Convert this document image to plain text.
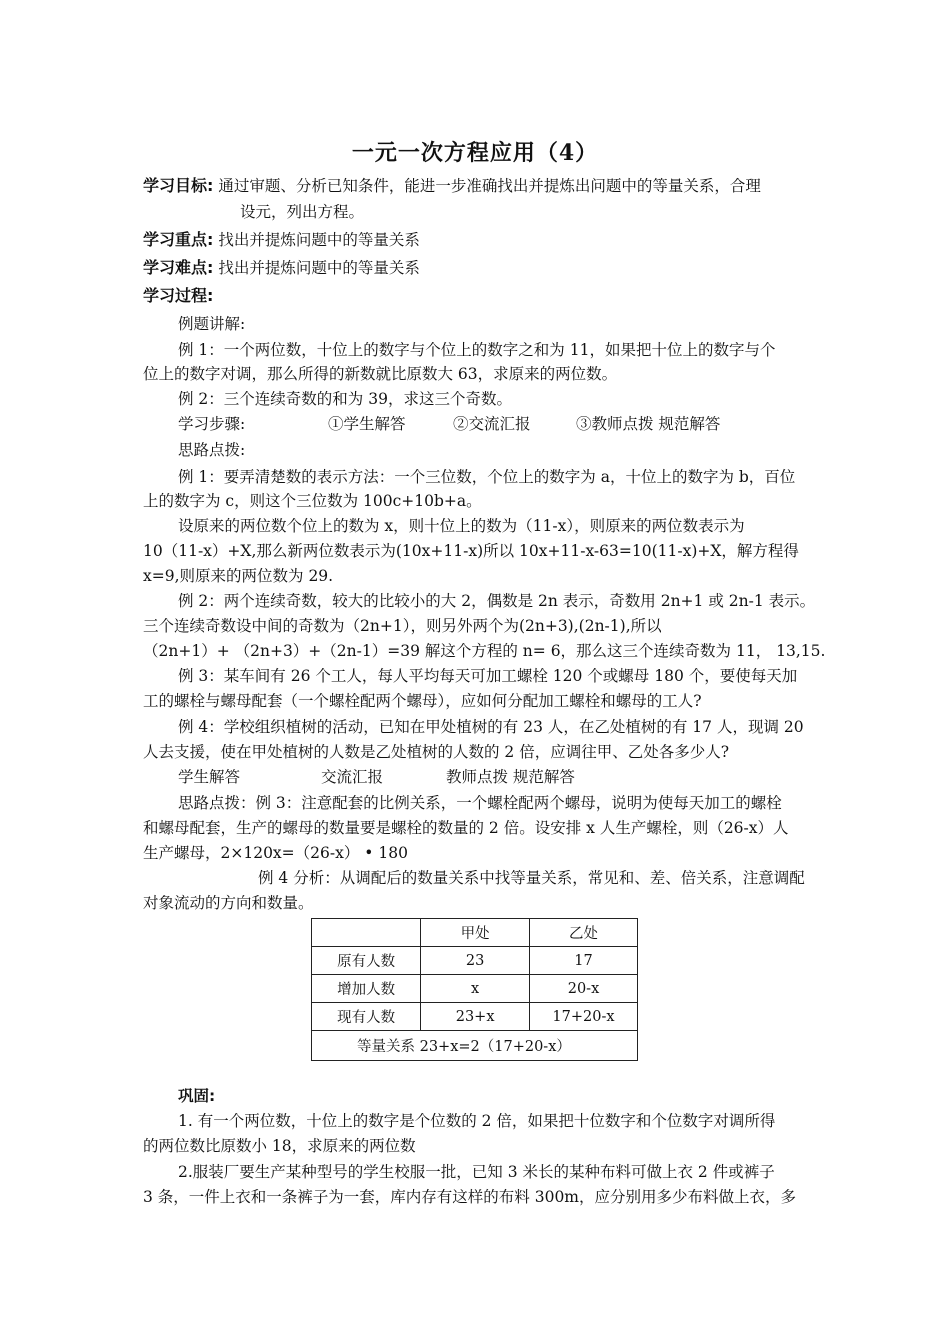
一元一次方程应用（4）
学习目标: 通过审题、分析已知条件，能进一步准确找出并提炼出问题中的等量关系，合理
设元，列出方程。
学习重点: 找出并提炼问题中的等量关系
学习难点: 找出并提炼问题中的等量关系
学习过程:
例题讲解:
例 1：一个两位数，十位上的数字与个位上的数字之和为 11，如果把十位上的数字与个
位上的数字对调，那么所得的新数就比原数大 63，求原来的两位数。
例 2：三个连续奇数的和为 39，求这三个奇数。
学习步骤:	①学生解答	②交流汇报	③教师点拨 规范解答
思路点拨:
例 1：要弄清楚数的表示方法：一个三位数，个位上的数字为 a，十位上的数字为 b，百位
上的数字为 c，则这个三位数为 100c+10b+a。
设原来的两位数个位上的数为 x，则十位上的数为（11-x），则原来的两位数表示为
10（11-x）+X,那么新两位数表示为(10x+11-x)所以 10x+11-x-63=10(11-x)+X，解方程得
x=9,则原来的两位数为 29.
例 2：两个连续奇数，较大的比较小的大 2，偶数是 2n 表示，奇数用 2n+1 或 2n-1 表示。
三个连续奇数设中间的奇数为（2n+1），则另外两个为(2n+3),(2n-1),所以
（2n+1）+ （2n+3）+（2n-1）=39 解这个方程的 n= 6，那么这三个连续奇数为 11， 13,15.
例 3：某车间有 26 个工人，每人平均每天可加工螺栓 120 个或螺母 180 个，要使每天加
工的螺栓与螺母配套（一个螺栓配两个螺母），应如何分配加工螺栓和螺母的工人?
例 4：学校组织植树的活动，已知在甲处植树的有 23 人，在乙处植树的有 17 人，现调 20
人去支援，使在甲处植树的人数是乙处植树的人数的 2 倍，应调往甲、乙处各多少人?
学生解答	交流汇报	教师点拨 规范解答
思路点拨：例 3：注意配套的比例关系，一个螺栓配两个螺母，说明为使每天加工的螺栓
和螺母配套，生产的螺母的数量要是螺栓的数量的 2 倍。设安排 x 人生产螺栓，则（26-x）人
生产螺母，2×120x=（26-x） • 180
例 4 分析：从调配后的数量关系中找等量关系，常见和、差、倍关系，注意调配
对象流动的方向和数量。
	甲处	乙处
原有人数	23	17
增加人数	x	20-x
现有人数	23+x	17+20-x
等量关系 23+x=2（17+20-x）		
巩固:
1. 有一个两位数，十位上的数字是个位数的 2 倍，如果把十位数字和个位数字对调所得
的两位数比原数小 18，求原来的两位数
2.服装厂要生产某种型号的学生校服一批，已知 3 米长的某种布料可做上衣 2 件或裤子
3 条，一件上衣和一条裤子为一套，库内存有这样的布料 300m，应分别用多少布料做上衣，多
